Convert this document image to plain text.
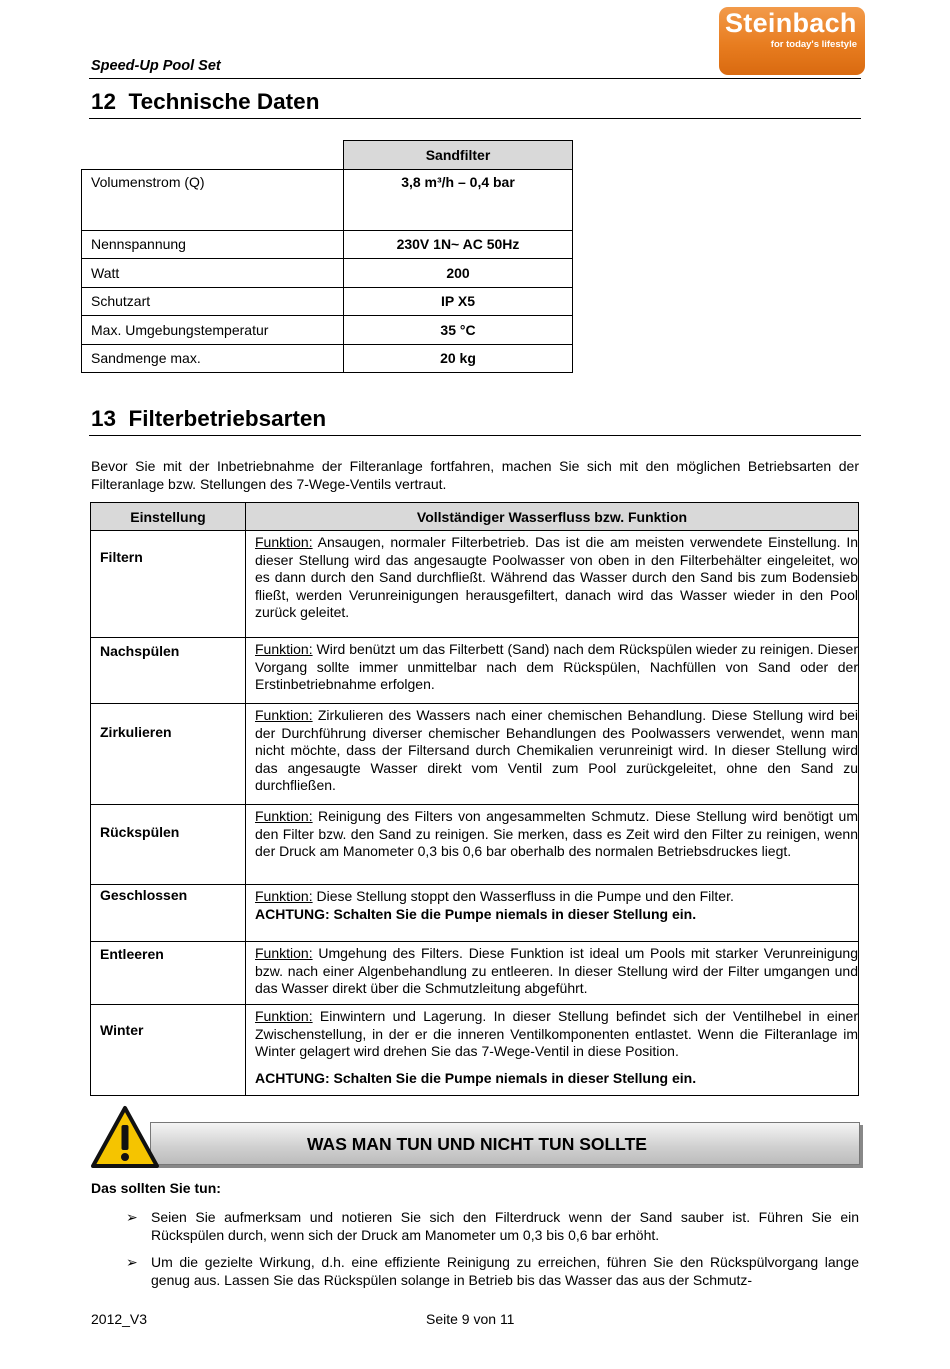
Speed-Up Pool Set
Steinbach
for today's lifestyle
12 Technische Daten
	Sandfilter
Volumenstrom (Q)	3,8 m³/h – 0,4 bar
Nennspannung	230V 1N~ AC 50Hz
Watt	200
Schutzart	IP X5
Max. Umgebungstemperatur	35 °C
Sandmenge max.	20 kg
13 Filterbetriebsarten
Bevor Sie mit der Inbetriebnahme der Filteranlage fortfahren, machen Sie sich mit den möglichen Betriebsarten der Filteranlage bzw. Stellungen des 7-Wege-Ventils vertraut.
Einstellung	Vollständiger Wasserfluss bzw. Funktion
Filtern	Funktion: Ansaugen, normaler Filterbetrieb. Das ist die am meisten verwendete Einstellung. In dieser Stellung wird das angesaugte Poolwasser von oben in den Filterbehälter eingeleitet, wo es dann durch den Sand durchfließt. Während das Wasser durch den Sand bis zum Bodensieb fließt, werden Verunreinigungen herausgefiltert, danach wird das Wasser wieder in den Pool zurück geleitet.
Nachspülen	Funktion: Wird benützt um das Filterbett (Sand) nach dem Rückspülen wieder zu reinigen. Dieser Vorgang sollte immer unmittelbar nach dem Rückspülen, Nachfüllen von Sand oder der Erstinbetriebnahme erfolgen.
Zirkulieren	Funktion: Zirkulieren des Wassers nach einer chemischen Behandlung. Diese Stellung wird bei der Durchführung diverser chemischer Behandlungen des Poolwassers verwendet, wenn man nicht möchte, dass der Filtersand durch Chemikalien verunreinigt wird. In dieser Stellung wird das angesaugte Wasser direkt vom Ventil zum Pool zurückgeleitet, ohne den Sand zu durchfließen.
Rückspülen	Funktion: Reinigung des Filters von angesammelten Schmutz. Diese Stellung wird benötigt um den Filter bzw. den Sand zu reinigen. Sie merken, dass es Zeit wird den Filter zu reinigen, wenn der Druck am Manometer 0,3 bis 0,6 bar oberhalb des normalen Betriebsdruckes liegt.
Geschlossen	Funktion: Diese Stellung stoppt den Wasserfluss in die Pumpe und den Filter.
ACHTUNG: Schalten Sie die Pumpe niemals in dieser Stellung ein.
Entleeren	Funktion: Umgehung des Filters. Diese Funktion ist ideal um Pools mit starker Verunreinigung bzw. nach einer Algenbehandlung zu entleeren. In dieser Stellung wird der Filter umgangen und das Wasser direkt über die Schmutzleitung abgeführt.
Winter	Funktion: Einwintern und Lagerung. In dieser Stellung befindet sich der Ventilhebel in einer Zwischenstellung, in der er die inneren Ventilkomponenten entlastet. Wenn die Filteranlage im Winter gelagert wird drehen Sie das 7-Wege-Ventil in diese Position.
ACHTUNG: Schalten Sie die Pumpe niemals in dieser Stellung ein.
WAS MAN TUN UND NICHT TUN SOLLTE
Das sollten Sie tun:
➢ Seien Sie aufmerksam und notieren Sie sich den Filterdruck wenn der Sand sauber ist. Führen Sie ein Rückspülen durch, wenn sich der Druck am Manometer um 0,3 bis 0,6 bar erhöht.
➢ Um die gezielte Wirkung, d.h. eine effiziente Reinigung zu erreichen, führen Sie den Rückspülvorgang lange genug aus. Lassen Sie das Rückspülen solange in Betrieb bis das Wasser das aus der Schmutz-
2012_V3	Seite 9 von 11
